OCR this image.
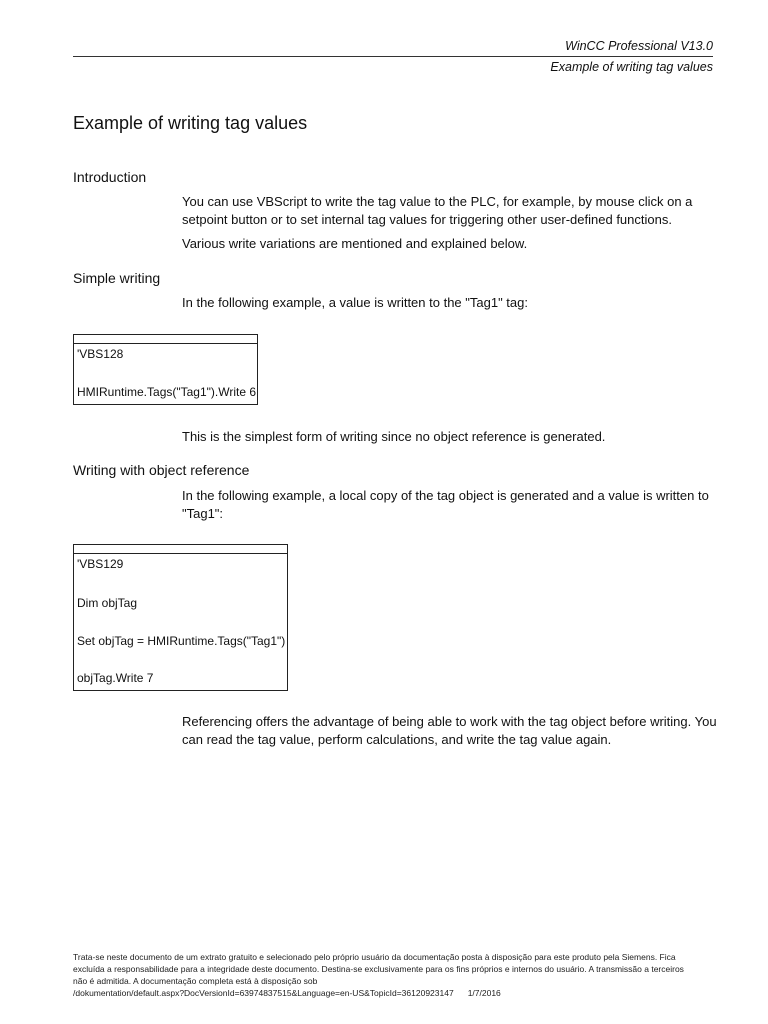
WinCC Professional V13.0
Example of writing tag values
Example of writing tag values
Introduction
You can use VBScript to write the tag value to the PLC, for example, by mouse click on a setpoint button or to set internal tag values for triggering other user-defined functions.
Various write variations are mentioned and explained below.
Simple writing
In the following example, a value is written to the "Tag1" tag:
'VBS128
HMIRuntime.Tags("Tag1").Write 6
This is the simplest form of writing since no object reference is generated.
Writing with object reference
In the following example, a local copy of the tag object is generated and a value is written to "Tag1":
'VBS129
Dim objTag
Set objTag = HMIRuntime.Tags("Tag1")
objTag.Write 7
Referencing offers the advantage of being able to work with the tag object before writing. You can read the tag value, perform calculations, and write the tag value again.
Trata-se neste documento de um extrato gratuito e selecionado pelo próprio usuário da documentação posta à disposição para este produto pela Siemens. Fica
excluída a responsabilidade para a integridade deste documento. Destina-se exclusivamente para os fins próprios e internos do usuário. A transmissão a terceiros
não é admitida. A documentação completa está à disposição sob
/dokumentation/default.aspx?DocVersionId=63974837515&Language=en-US&TopicId=36120923147 1/7/2016
